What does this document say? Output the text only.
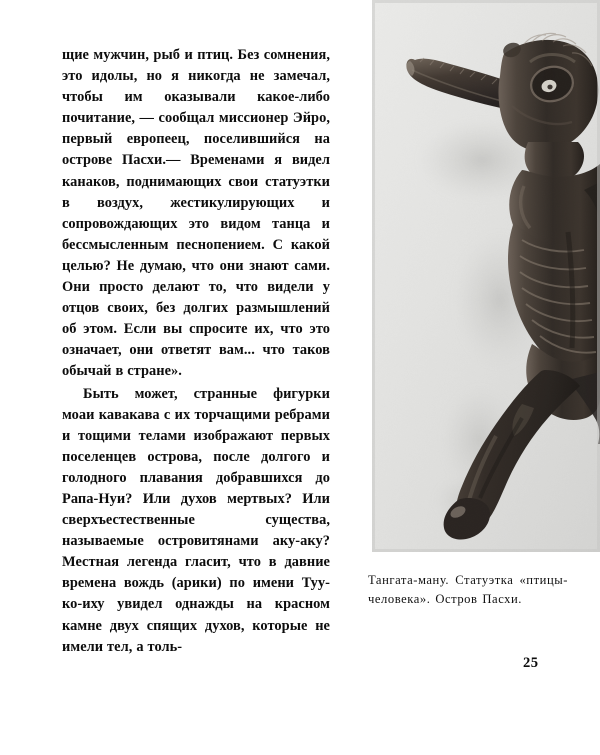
щие мужчин, рыб и птиц. Без сомнения, это идолы, но я никогда не замечал, чтобы им оказывали какое-либо почитание, — сообщал миссионер Эйро, первый европеец, поселившийся на острове Пасхи.— Временами я видел канаков, поднимающих свои статуэтки в воздух, жестикулирующих и сопровождающих это видом танца и бессмысленным песнопением. С какой целью? Не думаю, что они знают сами. Они просто делают то, что видели у отцов своих, без долгих размышлений об этом. Если вы спросите их, что это означает, они ответят вам... что таков обычай в стране».

Быть может, странные фигурки моаи кавакава с их торчащими ребрами и тощими телами изображают первых поселенцев острова, после долгого и голодного плавания добравшихся до Рапа-Нуи? Или духов мертвых? Или сверхъестественные существа, называемые островитянами аку-аку? Местная легенда гласит, что в давние времена вождь (арики) по имени Туу-ко-иху увидел однажды на красном камне двух спящих духов, которые не имели тел, а толь-

Тангата-ману. Статуэтка «птицы-человека». Остров Пасхи.
25
